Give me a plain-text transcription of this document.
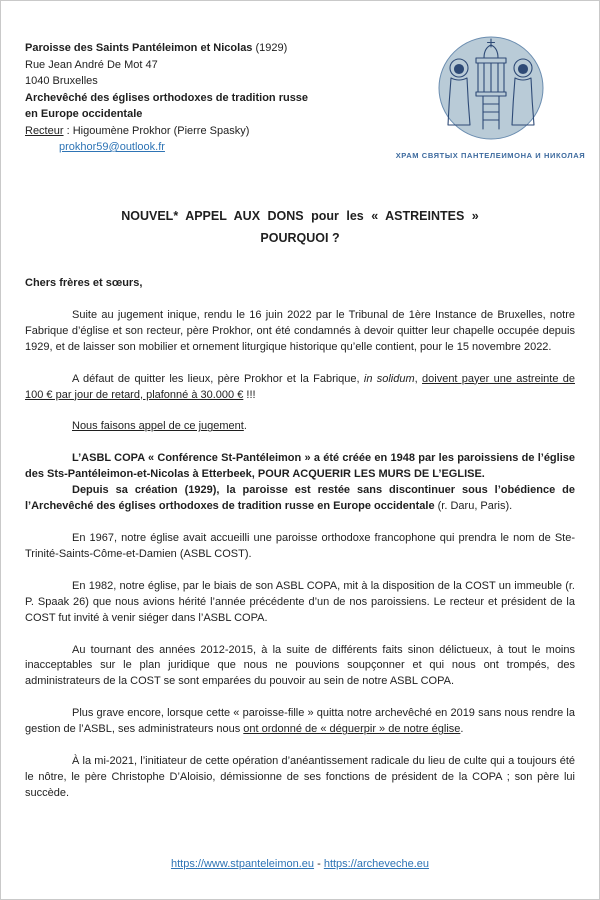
Paroisse des Saints Pantéleimon et Nicolas (1929)
Rue Jean André De Mot 47
1040 Bruxelles
Archevêché des églises orthodoxes de tradition russe
en Europe occidentale
Recteur : Higoumène Prokhor (Pierre Spasky)
prokhor59@outlook.fr
ХРАМ СВЯТЫХ ПАНТЕЛЕИМОНА И НИКОЛАЯ
NOUVEL* APPEL AUX DONS pour les « ASTREINTES »
POURQUOI ?

Chers frères et sœurs,

Suite au jugement inique, rendu le 16 juin 2022 par le Tribunal de 1ère Instance de Bruxelles, notre Fabrique d’église et son recteur, père Prokhor, ont été condamnés à devoir quitter leur chapelle occupée depuis 1929, et de laisser son mobilier et ornement liturgique historique qu’elle contient, pour le 15 novembre 2022.

A défaut de quitter les lieux, père Prokhor et la Fabrique, in solidum, doivent payer une astreinte de 100 € par jour de retard, plafonné à 30.000 € !!!

Nous faisons appel de ce jugement.

L’ASBL COPA « Conférence St-Pantéleimon » a été créée en 1948 par les paroissiens de l’église des Sts-Pantéleimon-et-Nicolas à Etterbeek, POUR ACQUERIR LES MURS DE L’EGLISE.

Depuis sa création (1929), la paroisse est restée sans discontinuer sous l’obédience de l’Archevêché des églises orthodoxes de tradition russe en Europe occidentale (r. Daru, Paris).

En 1967, notre église avait accueilli une paroisse orthodoxe francophone qui prendra le nom de Ste-Trinité-Saints-Côme-et-Damien (ASBL COST).

En 1982, notre église, par le biais de son ASBL COPA, mit à la disposition de la COST un immeuble (r. P. Spaak 26) que nous avions hérité l’année précédente d’un de nos paroissiens. Le recteur et président de la COST fut invité à venir siéger dans l’ASBL COPA.

Au tournant des années 2012-2015, à la suite de différents faits sinon délictueux, à tout le moins inacceptables sur le plan juridique que nous ne pouvions soupçonner et qui nous ont trompés, des administrateurs de la COST se sont emparées du pouvoir au sein de notre ASBL COPA.

Plus grave encore, lorsque cette « paroisse-fille » quitta notre archevêché en 2019 sans nous rendre la gestion de l’ASBL, ses administrateurs nous ont ordonné de « déguerpir » de notre église.

À la mi-2021, l’initiateur de cette opération d’anéantissement radicale du lieu de culte qui a toujours été le nôtre, le père Christophe D’Aloisio, démissionne de ses fonctions de président de la COPA ; son père lui succède.

https://www.stpanteleimon.eu - https://archeveche.eu
